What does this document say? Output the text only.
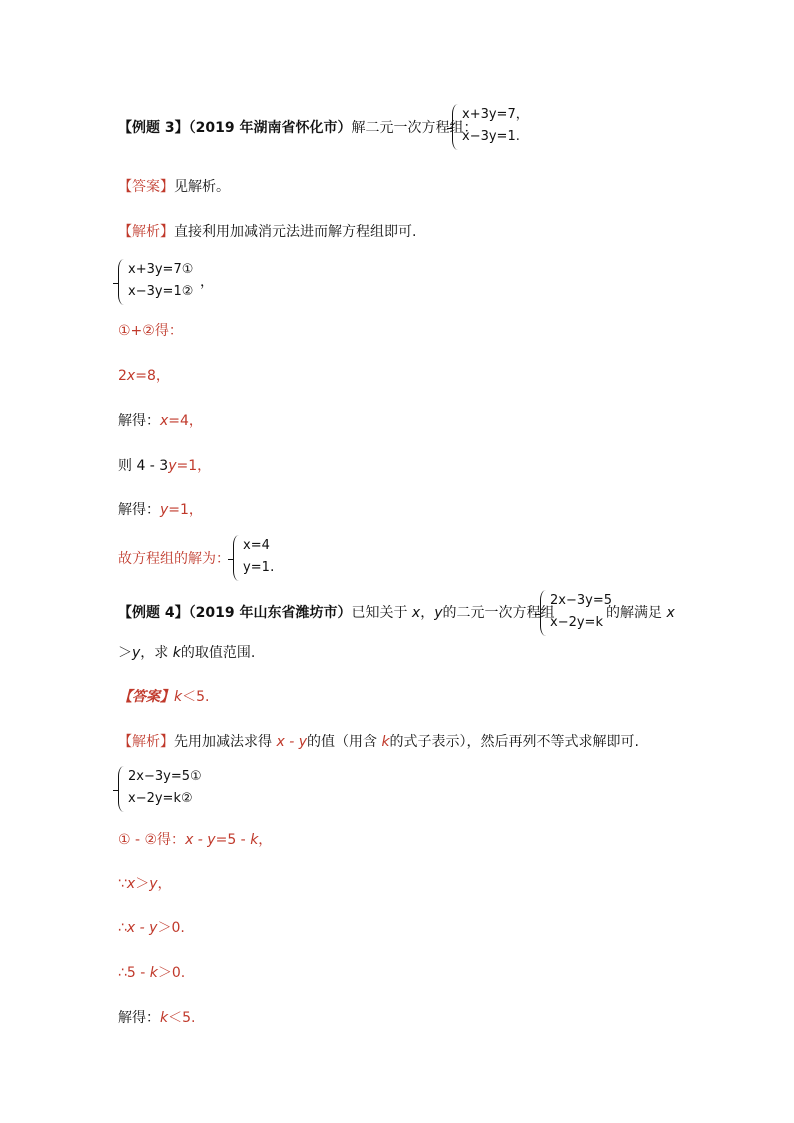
【例题 3】（2019 年湖南省怀化市）解二元一次方程组：
x+3y=7，
x−3y=1.
【答案】见解析。
【解析】直接利用加减消元法进而解方程组即可.
x+3y=7①
x−3y=1②
，
①+②得：
2x=8，
解得：x=4，
则 4 - 3y=1，
解得：y=1，
故方程组的解为：
x=4
y=1 .
【例题 4】（2019 年山东省潍坊市）已知关于 x，y的二元一次方程组
2x−3y=5
x−2y=k
的解满足 x
＞y，求 k的取值范围.
【答案】k＜5.
【解析】先用加减法求得 x - y的值（用含 k的式子表示），然后再列不等式求解即可.
2x−3y=5①
x−2y=k②
① - ②得：x - y=5 - k，
∵x＞y，
∴x - y＞0.
∴5 - k＞0.
解得：k＜5.
